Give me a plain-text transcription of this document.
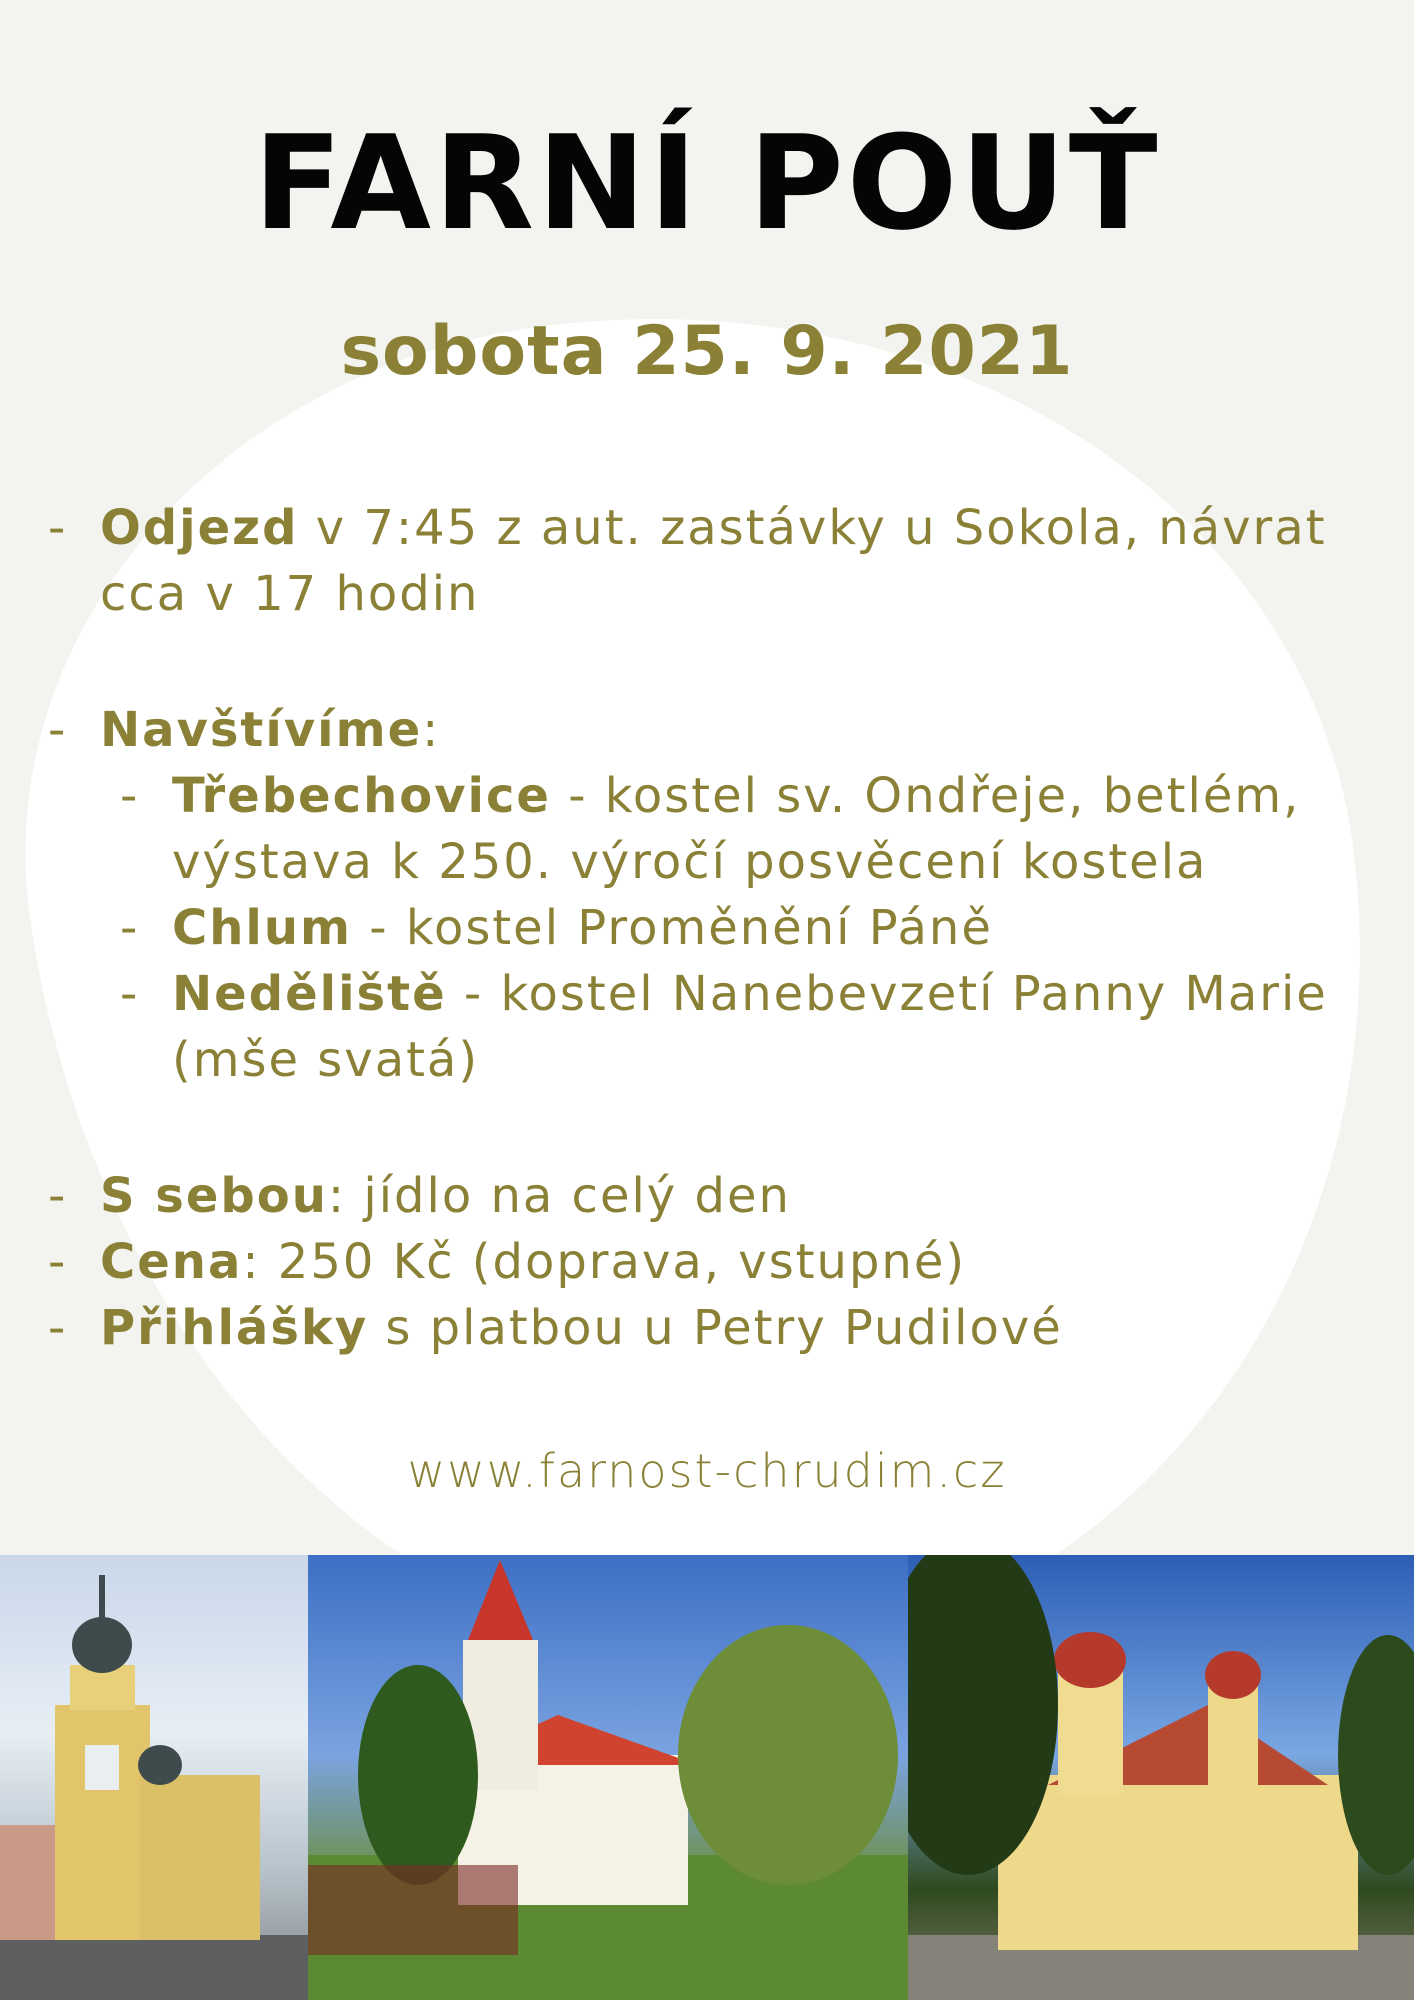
FARNÍ POUŤ
sobota 25. 9. 2021
- Odjezd v 7:45 z aut. zastávky u Sokola, návrat cca v 17 hodin
- Navštívíme:
- Třebechovice - kostel sv. Ondřeje, betlém, výstava k 250. výročí posvěcení kostela
- Chlum - kostel Proměnění Páně
- Neděliště - kostel Nanebevzetí Panny Marie (mše svatá)
- S sebou: jídlo na celý den
- Cena: 250 Kč (doprava, vstupné)
- Přihlášky s platbou u Petry Pudilové
www.farnost-chrudim.cz
